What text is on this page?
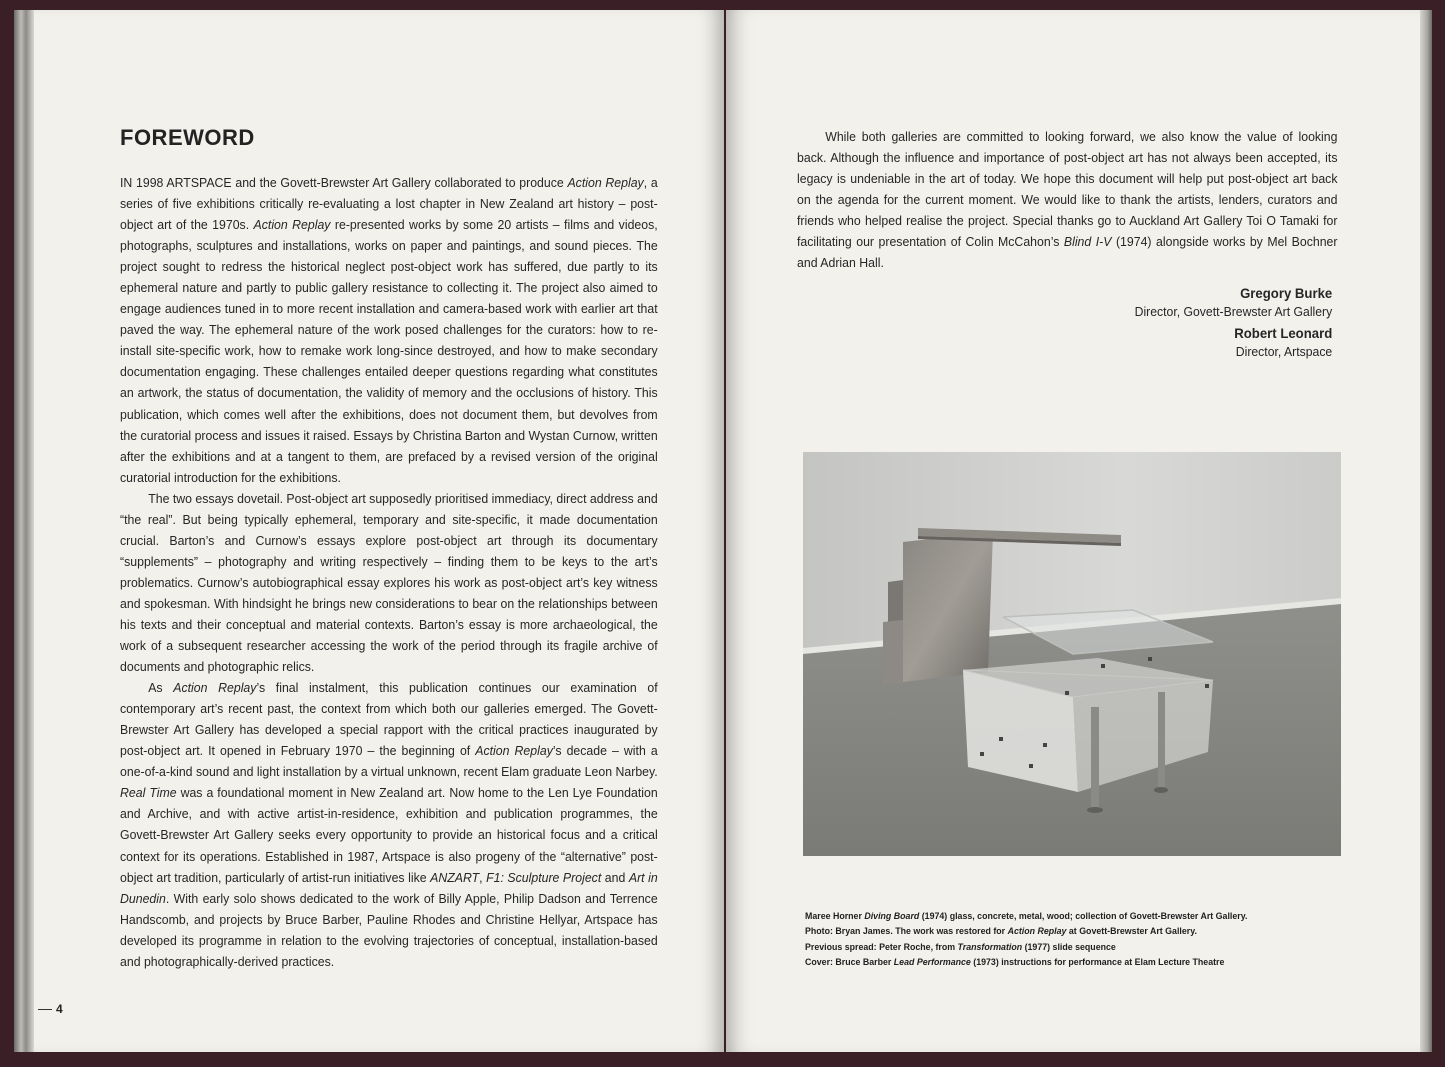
FOREWORD

IN 1998 ARTSPACE and the Govett-Brewster Art Gallery collaborated to produce Action Replay, a series of five exhibitions critically re-evaluating a lost chapter in New Zealand art history – post-object art of the 1970s. Action Replay re-presented works by some 20 artists – films and videos, photographs, sculptures and installations, works on paper and paintings, and sound pieces. The project sought to redress the historical neglect post-object work has suffered, due partly to its ephemeral nature and partly to public gallery resistance to collecting it. The project also aimed to engage audiences tuned in to more recent installation and camera-based work with earlier art that paved the way. The ephemeral nature of the work posed challenges for the curators: how to re-install site-specific work, how to remake work long-since destroyed, and how to make secondary documentation engaging. These challenges entailed deeper questions regarding what constitutes an artwork, the status of documentation, the validity of memory and the occlusions of history. This publication, which comes well after the exhibitions, does not document them, but devolves from the curatorial process and issues it raised. Essays by Christina Barton and Wystan Curnow, written after the exhibitions and at a tangent to them, are prefaced by a revised version of the original curatorial introduction for the exhibitions.

The two essays dovetail. Post-object art supposedly prioritised immediacy, direct address and “the real”. But being typically ephemeral, temporary and site-specific, it made documentation crucial. Barton’s and Curnow’s essays explore post-object art through its documentary “supplements” – photography and writing respectively – finding them to be keys to the art’s problematics. Curnow’s autobiographical essay explores his work as post-object art’s key witness and spokesman. With hindsight he brings new considerations to bear on the relationships between his texts and their conceptual and material contexts. Barton’s essay is more archaeological, the work of a subsequent researcher accessing the work of the period through its fragile archive of documents and photographic relics.

As Action Replay’s final instalment, this publication continues our examination of contemporary art’s recent past, the context from which both our galleries emerged. The Govett-Brewster Art Gallery has developed a special rapport with the critical practices inaugurated by post-object art. It opened in February 1970 – the beginning of Action Replay’s decade – with a one-of-a-kind sound and light installation by a virtual unknown, recent Elam graduate Leon Narbey. Real Time was a foundational moment in New Zealand art. Now home to the Len Lye Foundation and Archive, and with active artist-in-residence, exhibition and publication programmes, the Govett-Brewster Art Gallery seeks every opportunity to provide an historical focus and a critical context for its operations. Established in 1987, Artspace is also progeny of the “alternative” post-object art tradition, particularly of artist-run initiatives like ANZART, F1: Sculpture Project and Art in Dunedin. With early solo shows dedicated to the work of Billy Apple, Philip Dadson and Terrence Handscomb, and projects by Bruce Barber, Pauline Rhodes and Christine Hellyar, Artspace has developed its programme in relation to the evolving trajectories of conceptual, installation-based and photographically-derived practices.

4
While both galleries are committed to looking forward, we also know the value of looking back. Although the influence and importance of post-object art has not always been accepted, its legacy is undeniable in the art of today. We hope this document will help put post-object art back on the agenda for the current moment. We would like to thank the artists, lenders, curators and friends who helped realise the project. Special thanks go to Auckland Art Gallery Toi O Tamaki for facilitating our presentation of Colin McCahon’s Blind I-V (1974) alongside works by Mel Bochner and Adrian Hall.
Gregory Burke
Director, Govett-Brewster Art Gallery
Robert Leonard
Director, Artspace
Maree Horner Diving Board (1974) glass, concrete, metal, wood; collection of Govett-Brewster Art Gallery.
Photo: Bryan James. The work was restored for Action Replay at Govett-Brewster Art Gallery.
Previous spread: Peter Roche, from Transformation (1977) slide sequence
Cover: Bruce Barber Lead Performance (1973) instructions for performance at Elam Lecture Theatre
